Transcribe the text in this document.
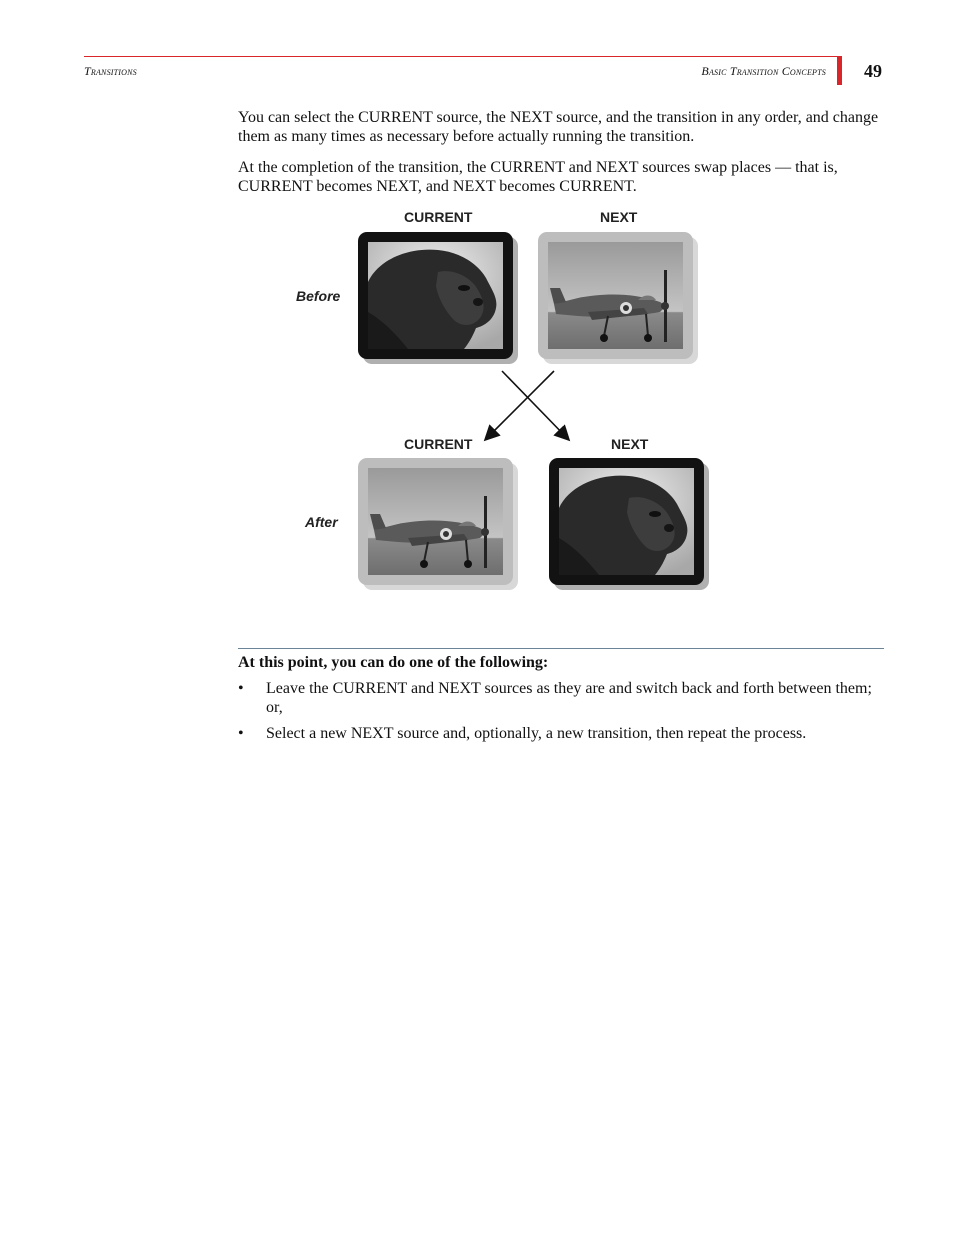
Transitions	Basic Transition Concepts 49

You can select the CURRENT source, the NEXT source, and the transition in any order, and change them as many times as necessary before actually running the transition.

At the completion of the transition, the CURRENT and NEXT sources swap places — that is, CURRENT becomes NEXT, and NEXT becomes CURRENT.

CURRENT	NEXT
Before
CURRENT	NEXT
After
At this point, you can do one of the following:
• Leave the CURRENT and NEXT sources as they are and switch back and forth between them; or,
• Select a new NEXT source and, optionally, a new transition, then repeat the process.
